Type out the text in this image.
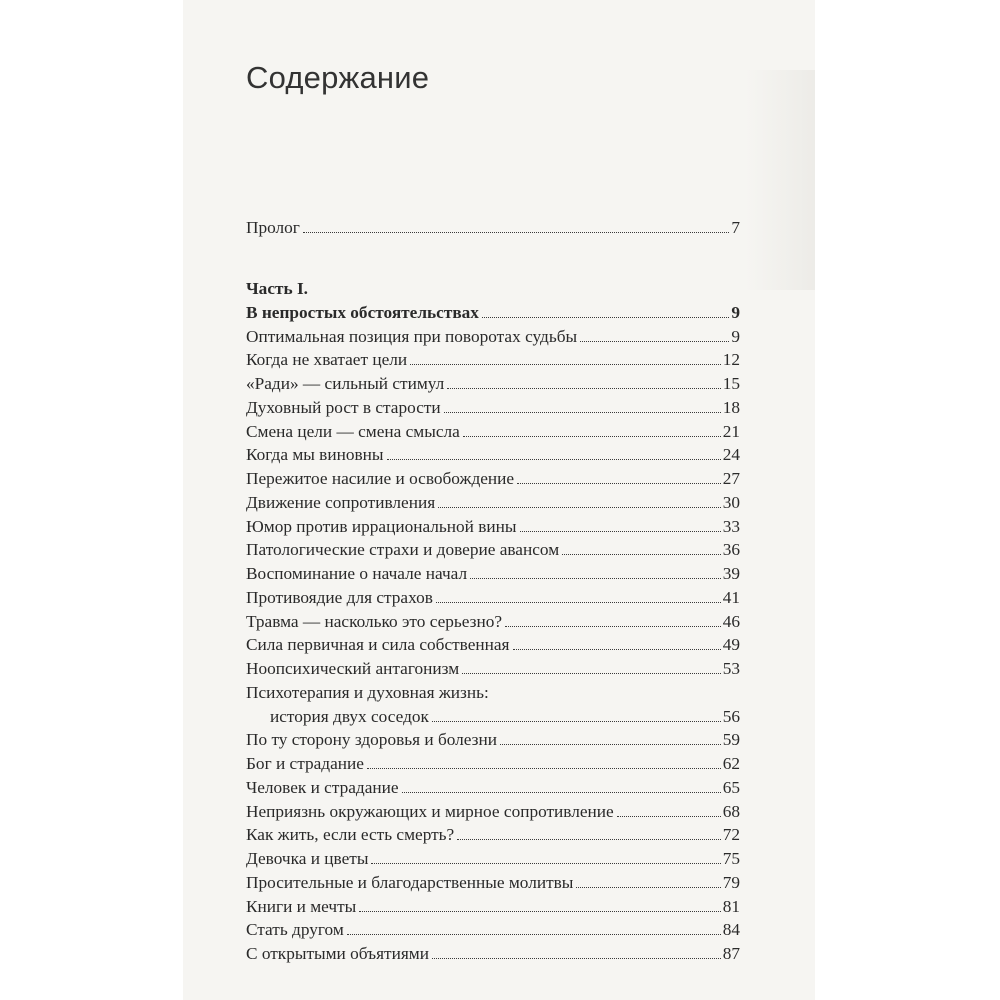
Содержание
Пролог	7
Часть I.
В непростых обстоятельствах	9
Оптимальная позиция при поворотах судьбы	9
Когда не хватает цели	12
«Ради» — сильный стимул	15
Духовный рост в старости	18
Смена цели — смена смысла	21
Когда мы виновны	24
Пережитое насилие и освобождение	27
Движение сопротивления	30
Юмор против иррациональной вины	33
Патологические страхи и доверие авансом	36
Воспоминание о начале начал	39
Противоядие для страхов	41
Травма — насколько это серьезно?	46
Сила первичная и сила собственная	49
Ноопсихический антагонизм	53
Психотерапия и духовная жизнь:
история двух соседок	56
По ту сторону здоровья и болезни	59
Бог и страдание	62
Человек и страдание	65
Неприязнь окружающих и мирное сопротивление	68
Как жить, если есть смерть?	72
Девочка и цветы	75
Просительные и благодарственные молитвы	79
Книги и мечты	81
Стать другом	84
С открытыми объятиями	87
